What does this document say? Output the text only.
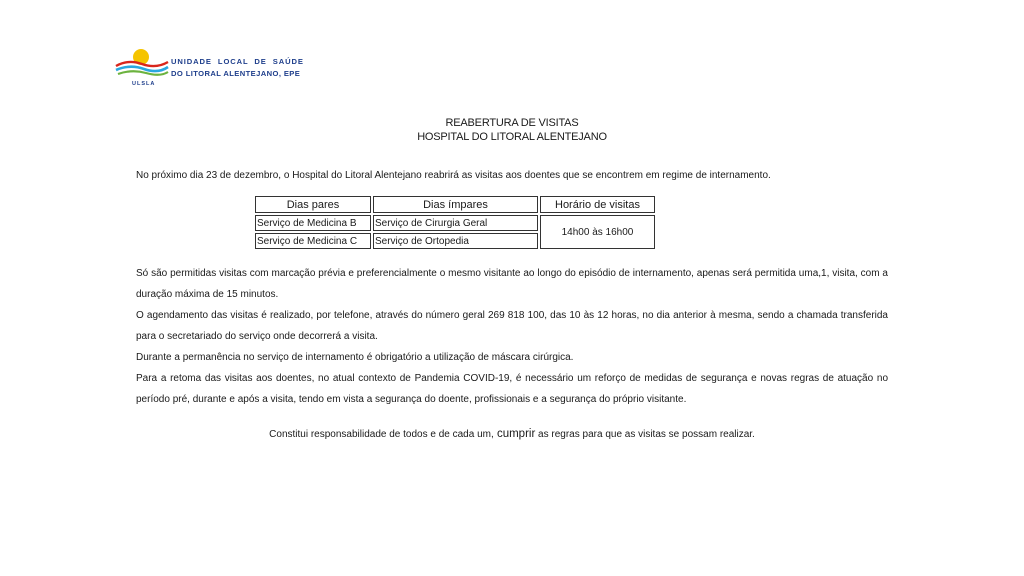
UNIDADE LOCAL DE SAÚDE
DO LITORAL ALENTEJANO, EPE
ULSLA
REABERTURA DE VISITAS
HOSPITAL DO LITORAL ALENTEJANO
No próximo dia 23 de dezembro, o Hospital do Litoral Alentejano reabrirá as visitas aos doentes que se encontrem em regime de internamento.
Dias pares	Dias ímpares	Horário de visitas
Serviço de Medicina B	Serviço de Cirurgia Geral	14h00 às 16h00
Serviço de Medicina C	Serviço de Ortopedia	

Só são permitidas visitas com marcação prévia e preferencialmente o mesmo visitante ao longo do episódio de internamento, apenas será permitida uma,1, visita, com a duração máxima de 15 minutos.

O agendamento das visitas é realizado, por telefone, através do número geral 269 818 100, das 10 às 12 horas, no dia anterior à mesma, sendo a chamada transferida para o secretariado do serviço onde decorrerá a visita.

Durante a permanência no serviço de internamento é obrigatório a utilização de máscara cirúrgica.

Para a retoma das visitas aos doentes, no atual contexto de Pandemia COVID-19, é necessário um reforço de medidas de segurança e novas regras de atuação no período pré, durante e após a visita, tendo em vista a segurança do doente, profissionais e a segurança do próprio visitante.

Constitui responsabilidade de todos e de cada um, cumprir as regras para que as visitas se possam realizar.
